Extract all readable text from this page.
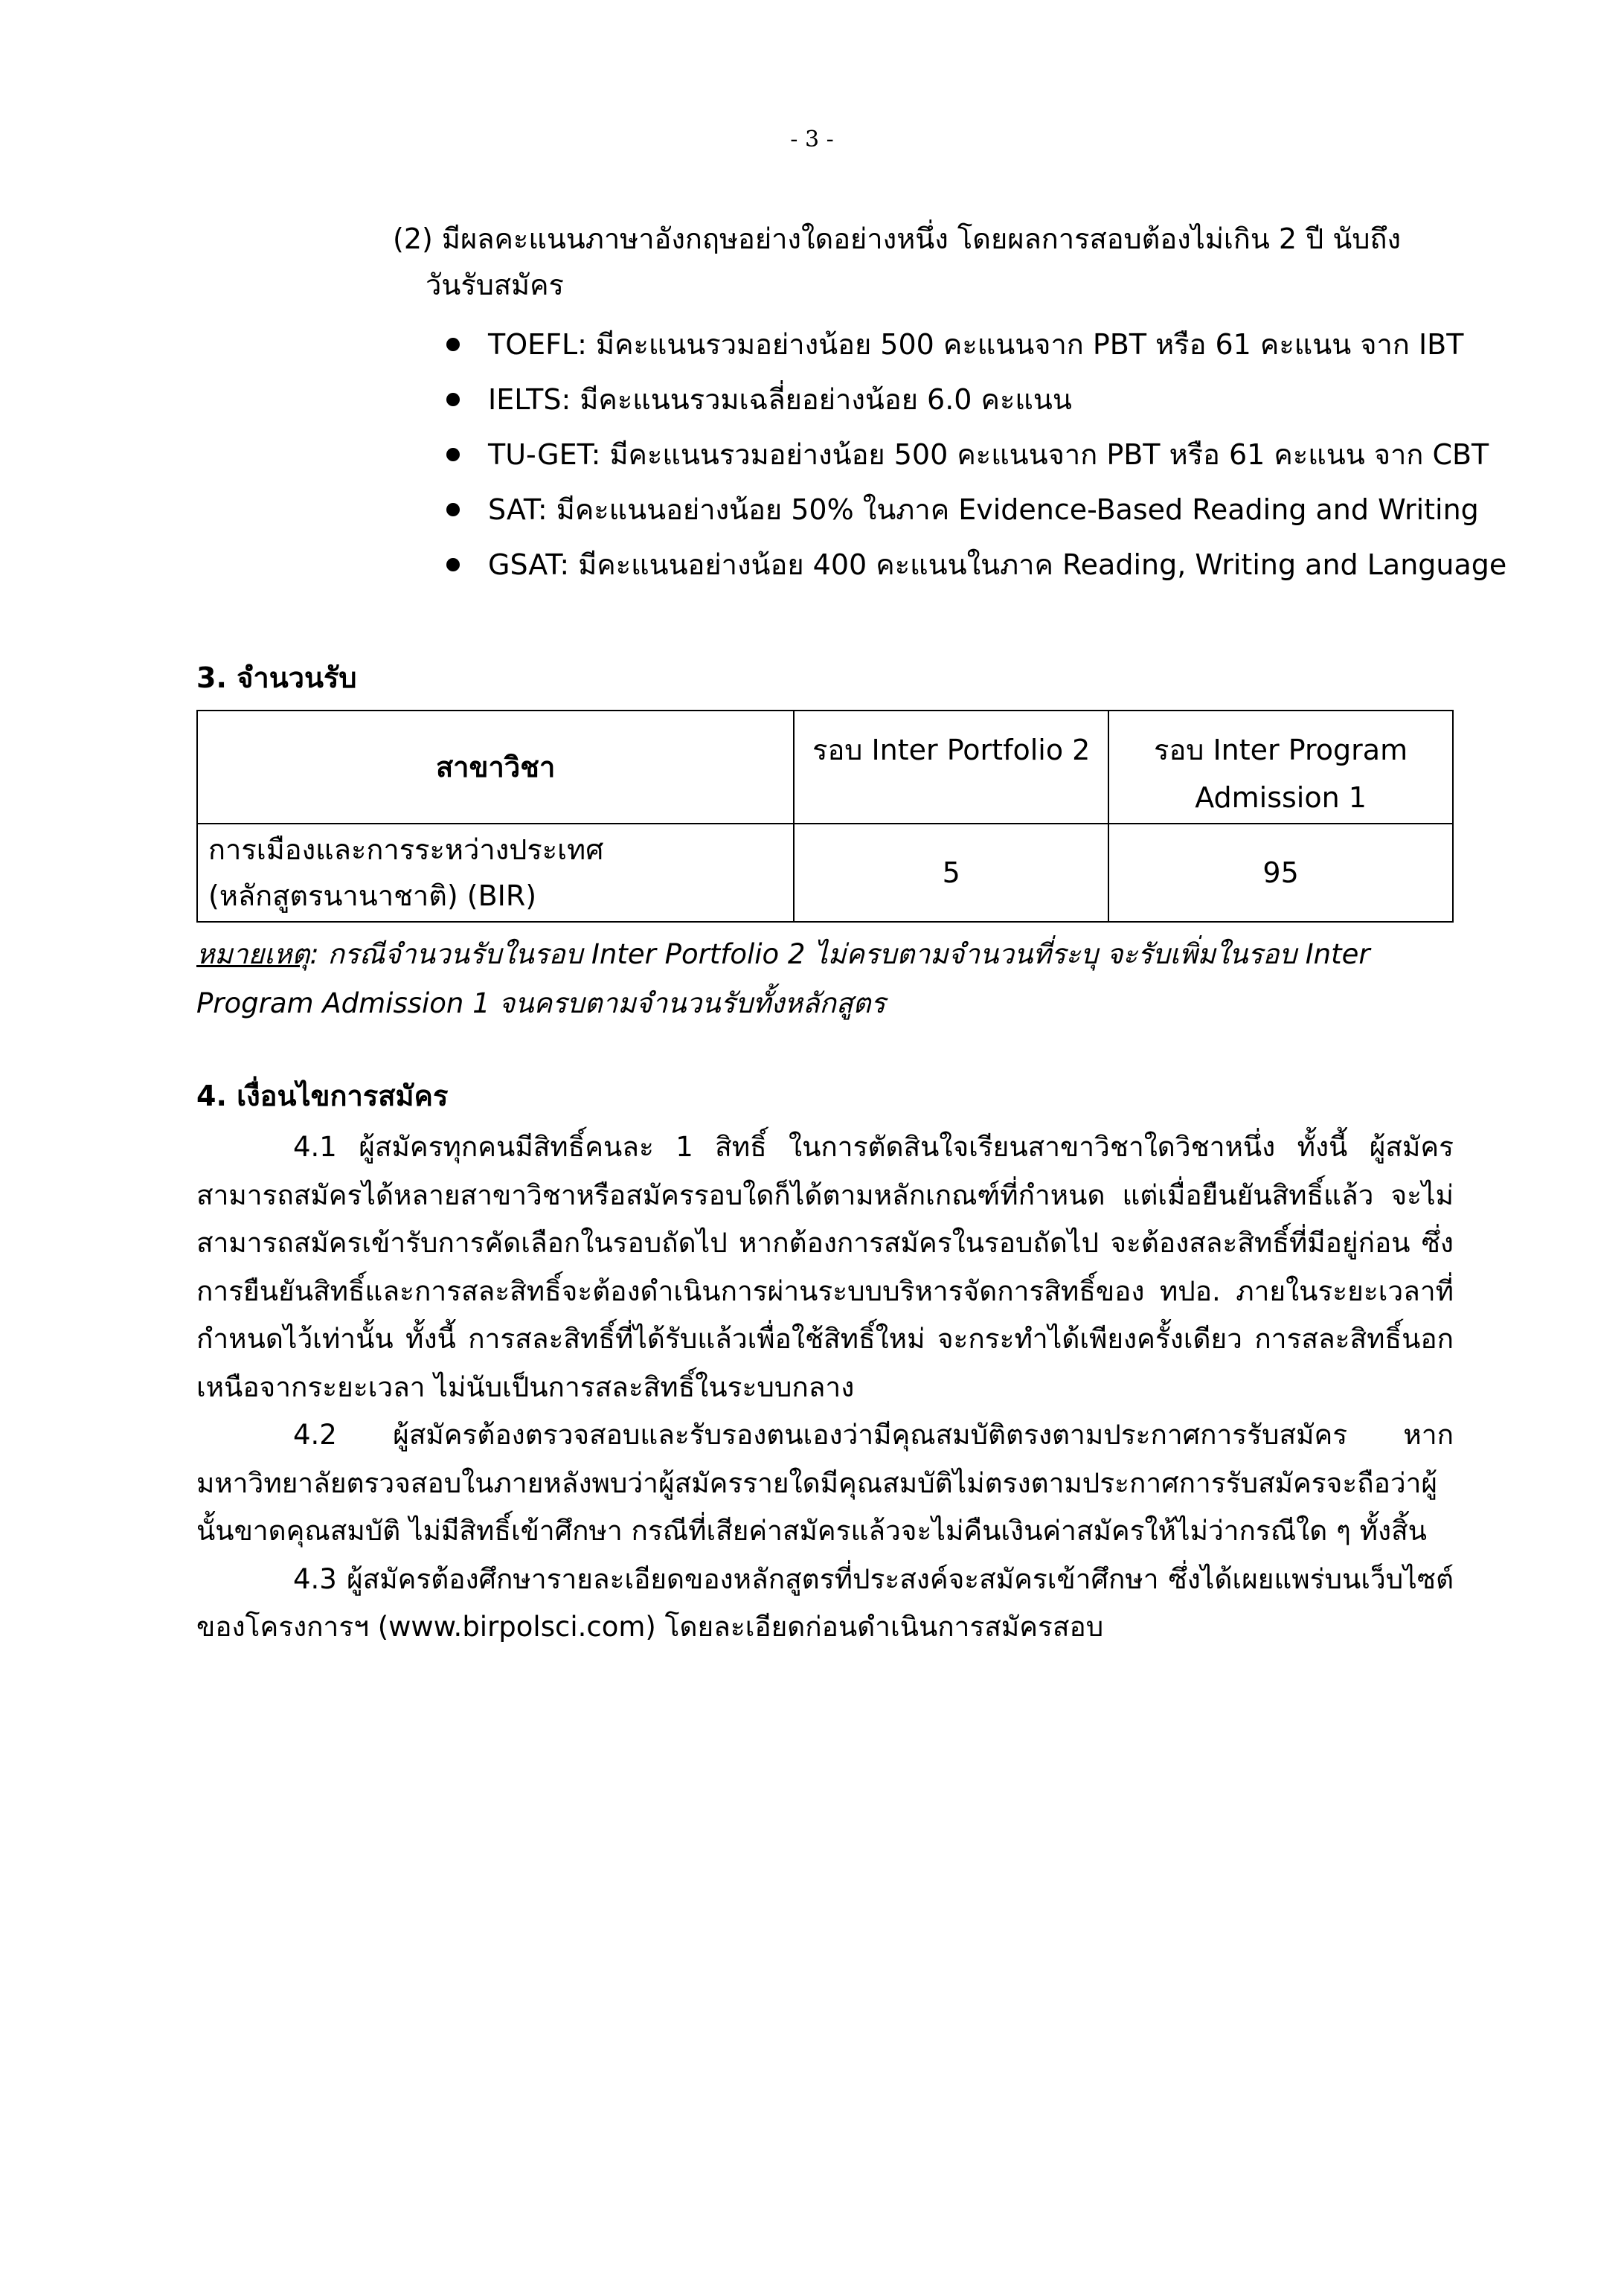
- 3 -
(2) มีผลคะแนนภาษาอังกฤษอย่างใดอย่างหนึ่ง โดยผลการสอบต้องไม่เกิน 2 ปี นับถึง
วันรับสมัคร
TOEFL: มีคะแนนรวมอย่างน้อย 500 คะแนนจาก PBT หรือ 61 คะแนน จาก IBT
IELTS: มีคะแนนรวมเฉลี่ยอย่างน้อย 6.0 คะแนน
TU-GET: มีคะแนนรวมอย่างน้อย 500 คะแนนจาก PBT หรือ 61 คะแนน จาก CBT
SAT: มีคะแนนอย่างน้อย 50% ในภาค Evidence-Based Reading and Writing
GSAT: มีคะแนนอย่างน้อย 400 คะแนนในภาค Reading, Writing and Language
3. จำนวนรับ
สาขาวิชา	รอบ Inter Portfolio 2	รอบ Inter Program Admission 1

การเมืองและการระหว่างประเทศ
(หลักสูตรนานาชาติ) (BIR)	5	95
หมายเหตุ: กรณีจำนวนรับในรอบ Inter Portfolio 2 ไม่ครบตามจำนวนที่ระบุ จะรับเพิ่มในรอบ Inter Program Admission 1 จนครบตามจำนวนรับทั้งหลักสูตร
4. เงื่อนไขการสมัคร

4.1 ผู้สมัครทุกคนมีสิทธิ์คนละ 1 สิทธิ์ ในการตัดสินใจเรียนสาขาวิชาใดวิชาหนึ่ง ทั้งนี้ ผู้สมัครสามารถสมัครได้หลายสาขาวิชาหรือสมัครรอบใดก็ได้ตามหลักเกณฑ์ที่กำหนด แต่เมื่อยืนยันสิทธิ์แล้ว จะไม่สามารถสมัครเข้ารับการคัดเลือกในรอบถัดไป หากต้องการสมัครในรอบถัดไป จะต้องสละสิทธิ์ที่มีอยู่ก่อน ซึ่งการยืนยันสิทธิ์และการสละสิทธิ์จะต้องดำเนินการผ่านระบบบริหารจัดการสิทธิ์ของ ทปอ. ภายในระยะเวลาที่กำหนดไว้เท่านั้น ทั้งนี้ การสละสิทธิ์ที่ได้รับแล้วเพื่อใช้สิทธิ์ใหม่ จะกระทำได้เพียงครั้งเดียว การสละสิทธิ์นอกเหนือจากระยะเวลา ไม่นับเป็นการสละสิทธิ์ในระบบกลาง

4.2 ผู้สมัครต้องตรวจสอบและรับรองตนเองว่ามีคุณสมบัติตรงตามประกาศการรับสมัคร หากมหาวิทยาลัยตรวจสอบในภายหลังพบว่าผู้สมัครรายใดมีคุณสมบัติไม่ตรงตามประกาศการรับสมัครจะถือว่าผู้นั้นขาดคุณสมบัติ ไม่มีสิทธิ์เข้าศึกษา กรณีที่เสียค่าสมัครแล้วจะไม่คืนเงินค่าสมัครให้ไม่ว่ากรณีใด ๆ ทั้งสิ้น

4.3 ผู้สมัครต้องศึกษารายละเอียดของหลักสูตรที่ประสงค์จะสมัครเข้าศึกษา ซึ่งได้เผยแพร่บนเว็บไซต์ของโครงการฯ (www.birpolsci.com) โดยละเอียดก่อนดำเนินการสมัครสอบ
